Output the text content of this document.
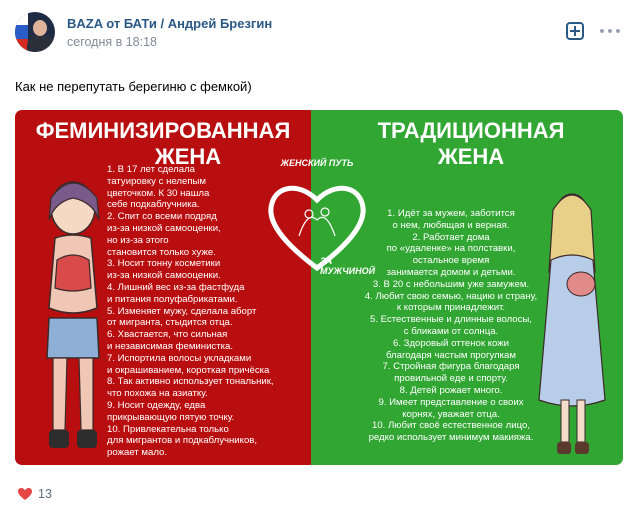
BAZA от БАТи / Андрей Брезгин
сегодня в 18:18
Как не перепутать берегиню с фемкой)
ФЕМИНИЗИРОВАННАЯ
ЖЕНА
ТРАДИЦИОННАЯ
ЖЕНА
ЖЕНСКИЙ ПУТЬ
ЗА МУЖЧИНОЙ
1. В 17 лет сделала
татуировку с нелепым
цветочком. К 30 нашла
себе подкаблучника.
2. Спит со всеми подряд
из-за низкой самооценки,
но из-за этого
становится только хуже.
3. Носит тонну косметики
из-за низкой самооценки.
4. Лишний вес из-за фастфуда
и питания полуфабрикатами.
5. Изменяет мужу, сделала аборт
от мигранта, стыдится отца.
6. Хвастается, что сильная
и независимая феминистка.
7. Испортила волосы укладками
и окрашиванием, короткая причёска
8. Так активно использует тональник,
что похожа на азиатку.
9. Носит одежду, едва
прикрывающую пятую точку.
10. Привлекательна только
для мигрантов и подкаблучников,
рожает мало.
1. Идёт за мужем, заботится
о нем, любящая и верная.
2. Работает дома
по «удаленке» на полставки,
остальное время
занимается домом и детьми.
3. В 20 с небольшим уже замужем.
4. Любит свою семью, нацию и страну,
к которым принадлежит.
5. Естественные и длинные волосы,
с бликами от солнца.
6. Здоровый оттенок кожи
благодаря частым прогулкам
7. Стройная фигура благодаря
провильной еде и спорту.
8. Детей рожает много.
9. Имеет представление о своих
корнях, уважает отца.
10. Любит своё естественное лицо,
редко использует минимум макияжа.
13
